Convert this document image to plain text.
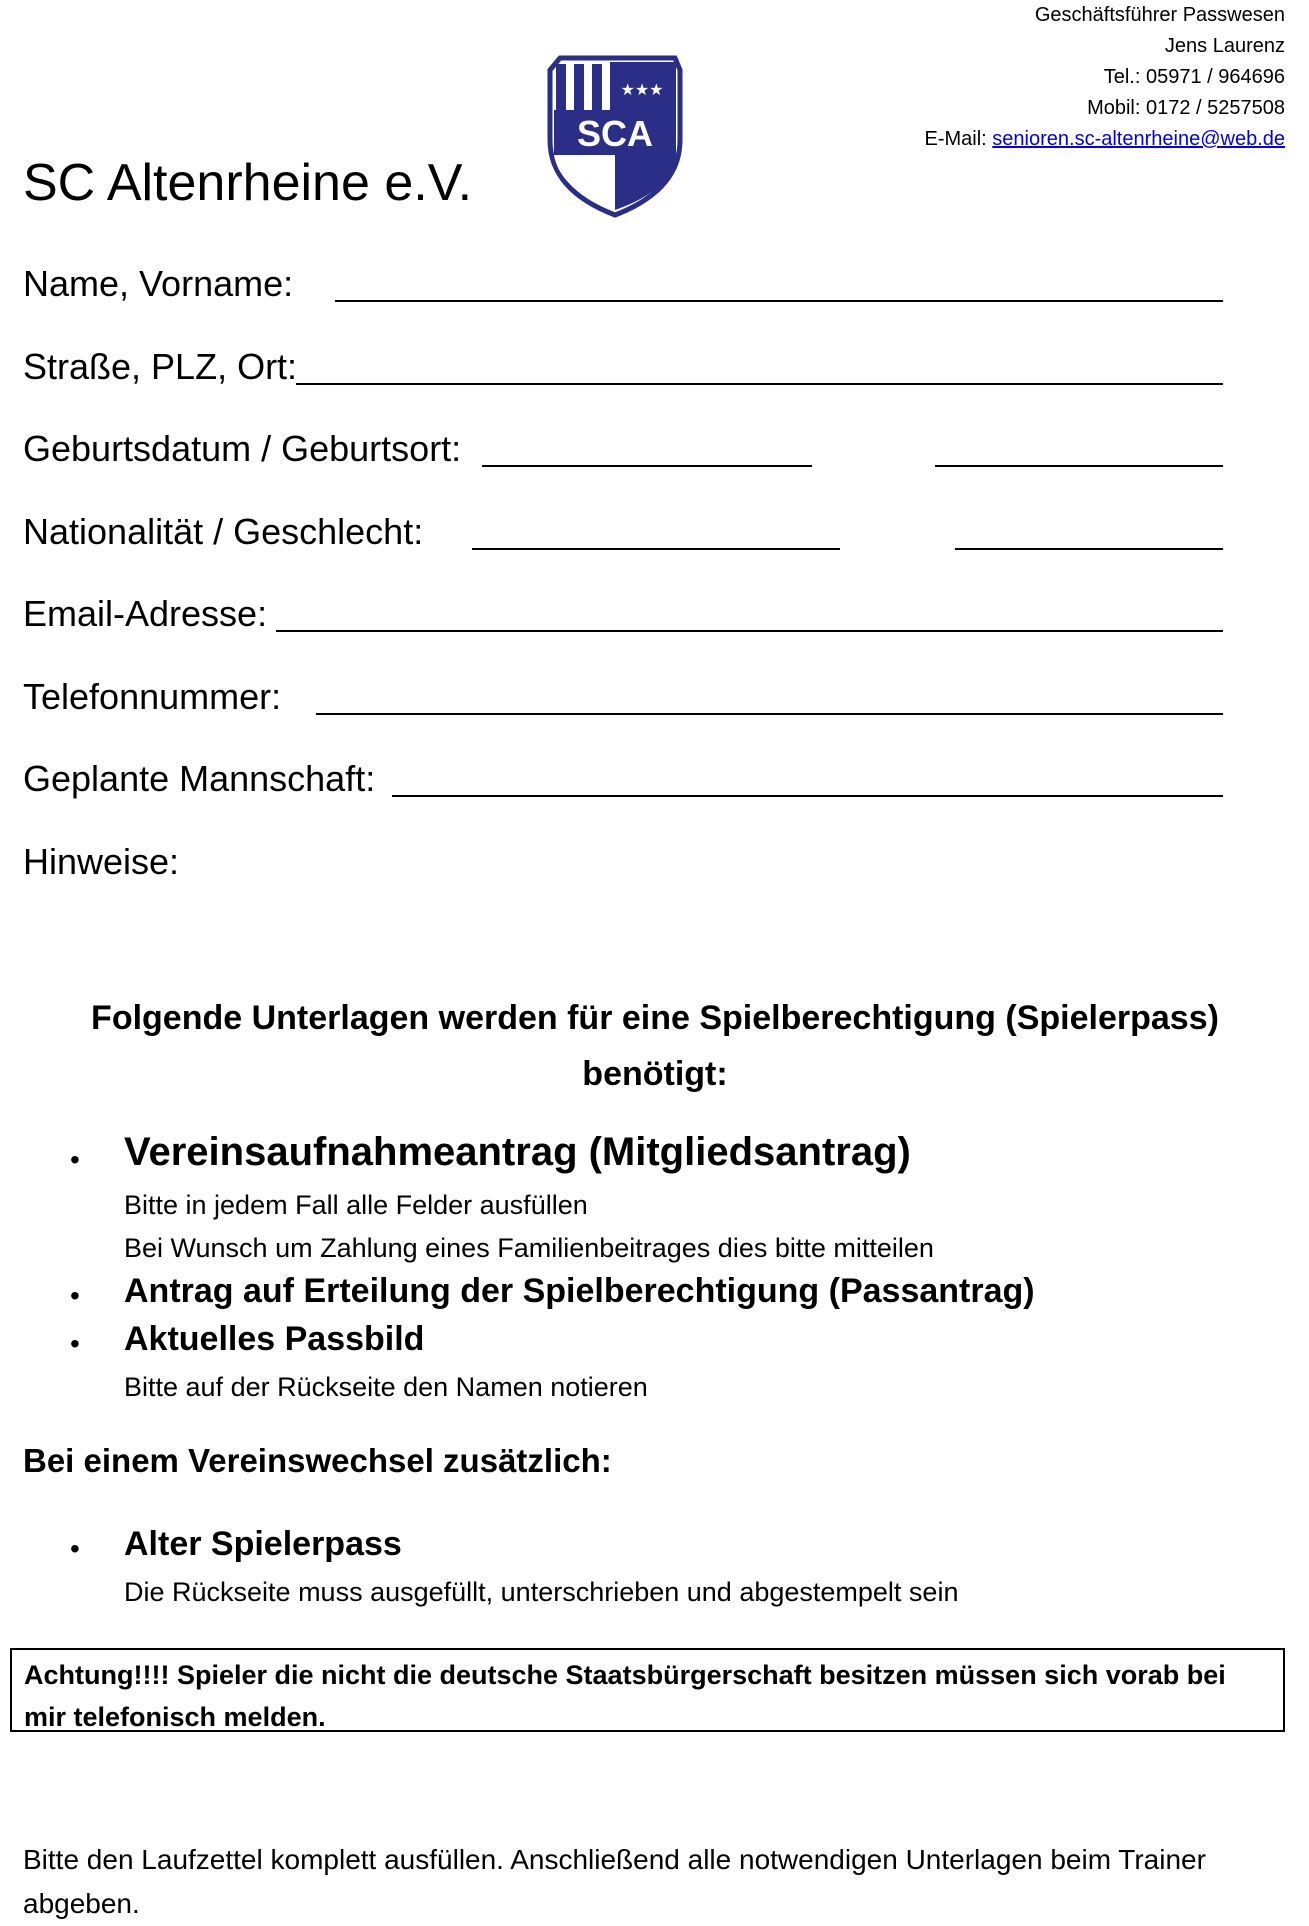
Geschäftsführer Passwesen
Jens Laurenz
Tel.: 05971 / 964696
Mobil: 0172 / 5257508
E-Mail: senioren.sc-altenrheine@web.de
★★★
SCA
SC Altenrheine e.V.
Name, Vorname:
Straße, PLZ, Ort:
Geburtsdatum / Geburtsort:
Nationalität / Geschlecht:
Email-Adresse:
Telefonnummer:
Geplante Mannschaft:
Hinweise:
Folgende Unterlagen werden für eine Spielberechtigung (Spielerpass)
benötigt:
• Vereinsaufnahmeantrag (Mitgliedsantrag)
Bitte in jedem Fall alle Felder ausfüllen
Bei Wunsch um Zahlung eines Familienbeitrages dies bitte mitteilen
• Antrag auf Erteilung der Spielberechtigung (Passantrag)
• Aktuelles Passbild
Bitte auf der Rückseite den Namen notieren
Bei einem Vereinswechsel zusätzlich:
• Alter Spielerpass
Die Rückseite muss ausgefüllt, unterschrieben und abgestempelt sein
Achtung!!!! Spieler die nicht die deutsche Staatsbürgerschaft besitzen müssen sich vorab bei mir telefonisch melden.
Bitte den Laufzettel komplett ausfüllen. Anschließend alle notwendigen Unterlagen beim Trainer abgeben.
